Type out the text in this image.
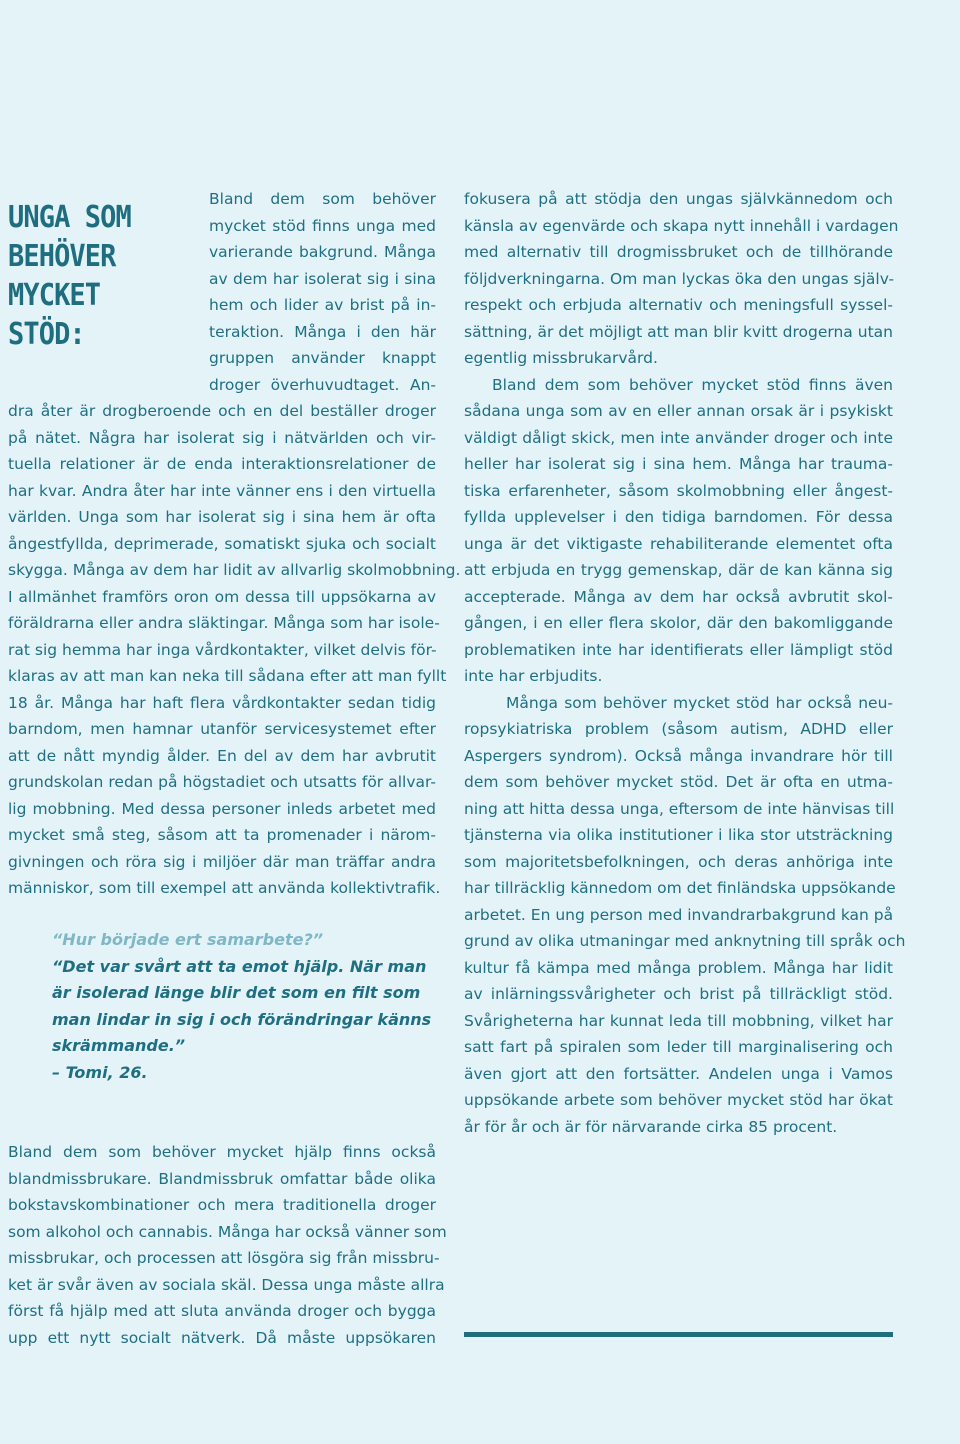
UNGA SOM
BEHÖVER
MYCKET
STÖD:
Bland dem som behöver
mycket stöd finns unga med
varierande bakgrund. Många
av dem har isolerat sig i sina
hem och lider av brist på in-
teraktion. Många i den här
gruppen använder knappt
droger överhuvudtaget. An-
dra åter är drogberoende och en del beställer droger
på nätet. Några har isolerat sig i nätvärlden och vir-
tuella relationer är de enda interaktionsrelationer de
har kvar. Andra åter har inte vänner ens i den virtuella
världen. Unga som har isolerat sig i sina hem är ofta
ångestfyllda, deprimerade, somatiskt sjuka och socialt
skygga. Många av dem har lidit av allvarlig skolmobbning.
I allmänhet framförs oron om dessa till uppsökarna av
föräldrarna eller andra släktingar. Många som har isole-
rat sig hemma har inga vårdkontakter, vilket delvis för-
klaras av att man kan neka till sådana efter att man fyllt
18 år. Många har haft flera vårdkontakter sedan tidig
barndom, men hamnar utanför servicesystemet efter
att de nått myndig ålder. En del av dem har avbrutit
grundskolan redan på högstadiet och utsatts för allvar-
lig mobbning. Med dessa personer inleds arbetet med
mycket små steg, såsom att ta promenader i närom-
givningen och röra sig i miljöer där man träffar andra
människor, som till exempel att använda kollektivtrafik.
“Hur började ert samarbete?”
“Det var svårt att ta emot hjälp. När man
är isolerad länge blir det som en filt som
man lindar in sig i och förändringar känns
skrämmande.”
– Tomi, 26.
Bland dem som behöver mycket hjälp finns också
blandmissbrukare. Blandmissbruk omfattar både olika
bokstavskombinationer och mera traditionella droger
som alkohol och cannabis. Många har också vänner som
missbrukar, och processen att lösgöra sig från missbru-
ket är svår även av sociala skäl. Dessa unga måste allra
först få hjälp med att sluta använda droger och bygga
upp ett nytt socialt nätverk. Då måste uppsökaren
fokusera på att stödja den ungas självkännedom och
känsla av egenvärde och skapa nytt innehåll i vardagen
med alternativ till drogmissbruket och de tillhörande
följdverkningarna. Om man lyckas öka den ungas själv-
respekt och erbjuda alternativ och meningsfull syssel-
sättning, är det möjligt att man blir kvitt drogerna utan
egentlig missbrukarvård.
Bland dem som behöver mycket stöd finns även
sådana unga som av en eller annan orsak är i psykiskt
väldigt dåligt skick, men inte använder droger och inte
heller har isolerat sig i sina hem. Många har trauma-
tiska erfarenheter, såsom skolmobbning eller ångest-
fyllda upplevelser i den tidiga barndomen. För dessa
unga är det viktigaste rehabiliterande elementet ofta
att erbjuda en trygg gemenskap, där de kan känna sig
accepterade. Många av dem har också avbrutit skol-
gången, i en eller flera skolor, där den bakomliggande
problematiken inte har identifierats eller lämpligt stöd
inte har erbjudits.
Många som behöver mycket stöd har också neu-
ropsykiatriska problem (såsom autism, ADHD eller
Aspergers syndrom). Också många invandrare hör till
dem som behöver mycket stöd. Det är ofta en utma-
ning att hitta dessa unga, eftersom de inte hänvisas till
tjänsterna via olika institutioner i lika stor utsträckning
som majoritetsbefolkningen, och deras anhöriga inte
har tillräcklig kännedom om det finländska uppsökande
arbetet. En ung person med invandrarbakgrund kan på
grund av olika utmaningar med anknytning till språk och
kultur få kämpa med många problem. Många har lidit
av inlärningssvårigheter och brist på tillräckligt stöd.
Svårigheterna har kunnat leda till mobbning, vilket har
satt fart på spiralen som leder till marginalisering och
även gjort att den fortsätter. Andelen unga i Vamos
uppsökande arbete som behöver mycket stöd har ökat
år för år och är för närvarande cirka 85 procent.
